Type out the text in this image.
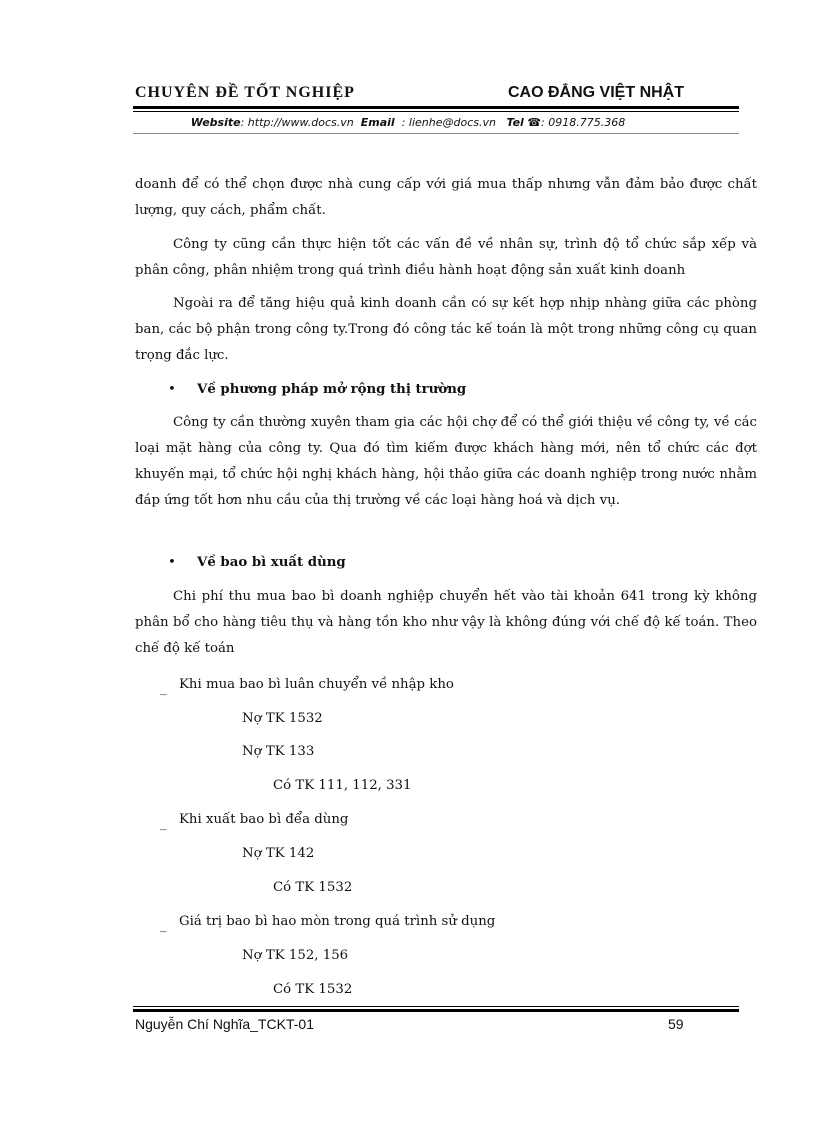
CHUYÊN ĐỀ TỐT NGHIỆP	CAO ĐẲNG VIỆT NHẬT
Website: http://www.docs.vn Email : lienhe@docs.vn Tel ☎: 0918.775.368
doanh để có thể chọn được nhà cung cấp với giá mua thấp nhưng vẫn đảm bảo được chất lượng, quy cách, phẩm chất.
Công ty cũng cần thực hiện tốt các vấn đề về nhân sự, trình độ tổ chức sắp xếp và phân công, phân nhiệm trong quá trình điều hành hoạt động sản xuất kinh doanh
Ngoài ra để tăng hiệu quả kinh doanh cần có sự kết hợp nhịp nhàng giữa các phòng ban, các bộ phận trong công ty.Trong đó công tác kế toán là một trong những công cụ quan trọng đắc lực.
• Về phương pháp mở rộng thị trường
Công ty cần thường xuyên tham gia các hội chợ để có thể giới thiệu về công ty, về các loại mặt hàng của công ty. Qua đó tìm kiếm được khách hàng mới, nên tổ chức các đợt khuyến mại, tổ chức hội nghị khách hàng, hội thảo giữa các doanh nghiệp trong nước nhằm đáp ứng tốt hơn nhu cầu của thị trường về các loại hàng hoá và dịch vụ.
• Về bao bì xuất dùng
Chi phí thu mua bao bì doanh nghiệp chuyển hết vào tài khoản 641 trong kỳ không phân bổ cho hàng tiêu thụ và hàng tồn kho như vậy là không đúng với chế độ kế toán. Theo chế độ kế toán
_ Khi mua bao bì luân chuyển về nhập kho
Nợ TK 1532
Nợ TK 133
Có TK 111, 112, 331
_ Khi xuất bao bì đểa dùng
Nợ TK 142
Có TK 1532
_ Giá trị bao bì hao mòn trong quá trình sử dụng
Nợ TK 152, 156
Có TK 1532
Nguyễn Chí Nghĩa_TCKT-01	59
